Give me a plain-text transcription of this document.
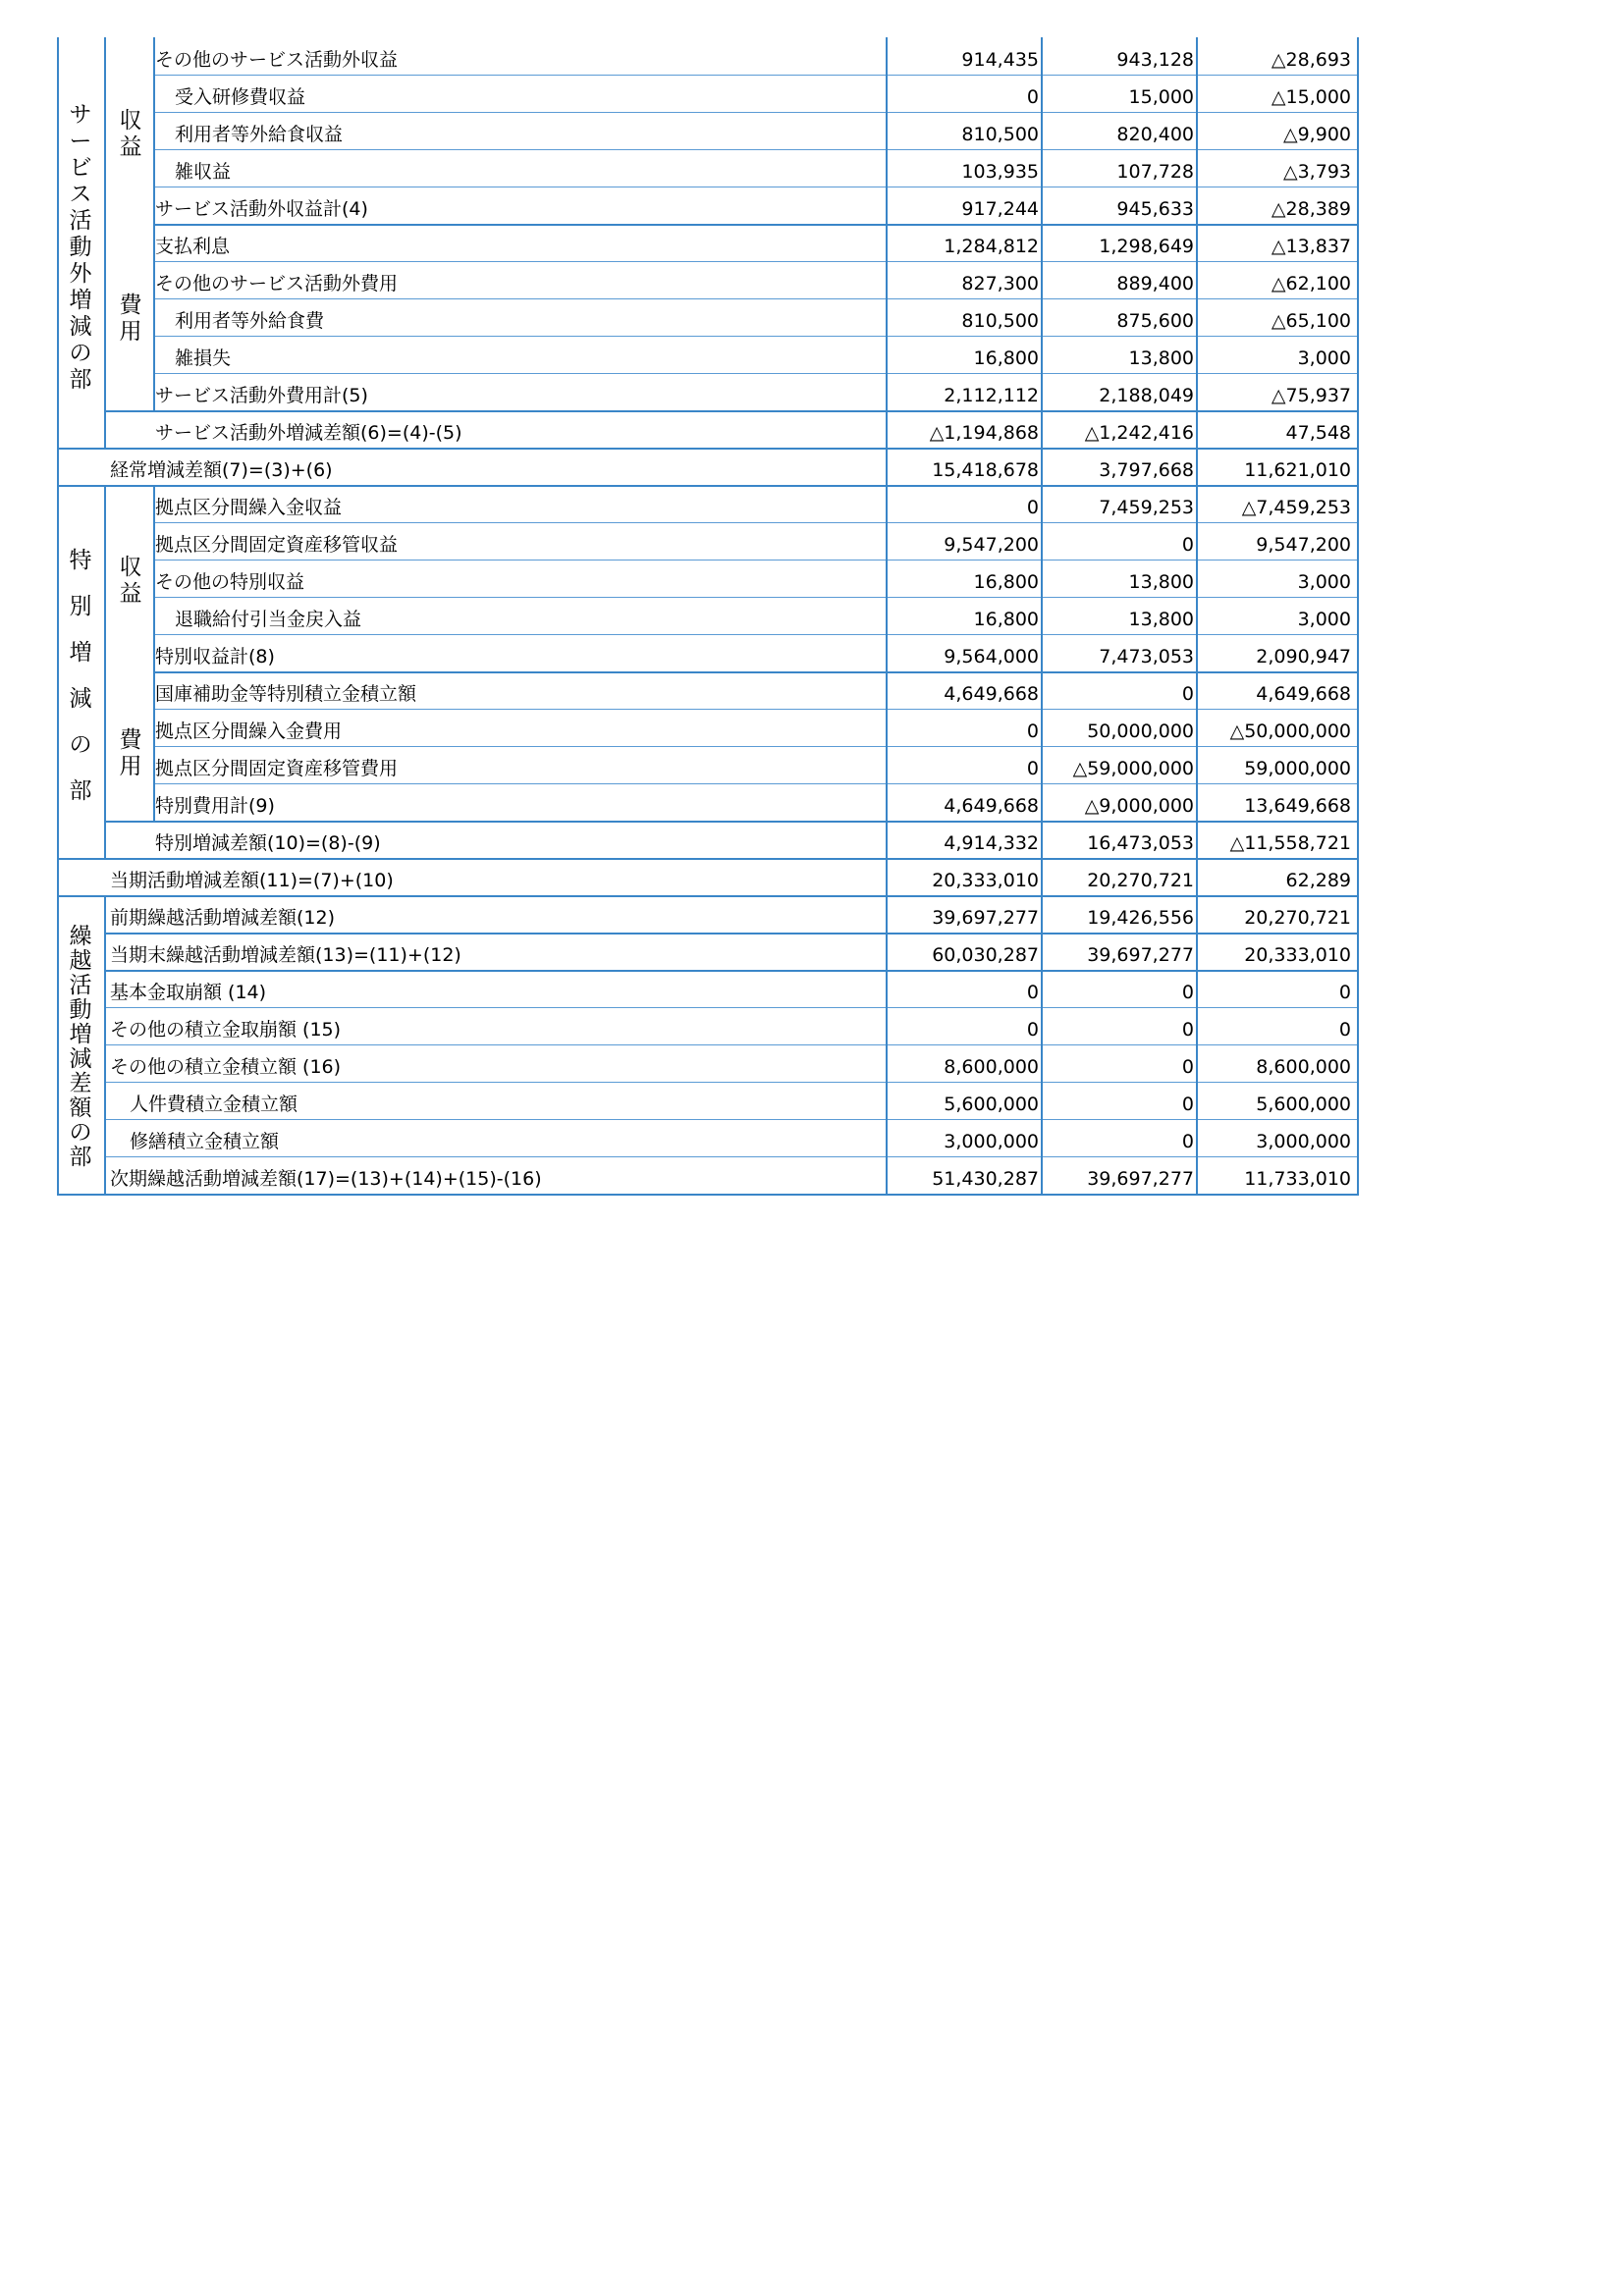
サービス活動外増減の部
収益
費用
特
別
増
減
の
部
収益
費用
繰越活動増減差額の部
その他のサービス活動外収益	914,435	943,128	△28,693
受入研修費収益	0	15,000	△15,000
利用者等外給食収益	810,500	820,400	△9,900
雑収益	103,935	107,728	△3,793
サービス活動外収益計(4)	917,244	945,633	△28,389
支払利息	1,284,812	1,298,649	△13,837
その他のサービス活動外費用	827,300	889,400	△62,100
利用者等外給食費	810,500	875,600	△65,100
雑損失	16,800	13,800	3,000
サービス活動外費用計(5)	2,112,112	2,188,049	△75,937
サービス活動外増減差額(6)=(4)-(5)	△1,194,868	△1,242,416	47,548
経常増減差額(7)=(3)+(6)	15,418,678	3,797,668	11,621,010
拠点区分間繰入金収益	0	7,459,253	△7,459,253
拠点区分間固定資産移管収益	9,547,200	0	9,547,200
その他の特別収益	16,800	13,800	3,000
退職給付引当金戻入益	16,800	13,800	3,000
特別収益計(8)	9,564,000	7,473,053	2,090,947
国庫補助金等特別積立金積立額	4,649,668	0	4,649,668
拠点区分間繰入金費用	0	50,000,000	△50,000,000
拠点区分間固定資産移管費用	0	△59,000,000	59,000,000
特別費用計(9)	4,649,668	△9,000,000	13,649,668
特別増減差額(10)=(8)-(9)	4,914,332	16,473,053	△11,558,721
当期活動増減差額(11)=(7)+(10)	20,333,010	20,270,721	62,289
前期繰越活動増減差額(12)	39,697,277	19,426,556	20,270,721
当期末繰越活動増減差額(13)=(11)+(12)	60,030,287	39,697,277	20,333,010
基本金取崩額 (14)	0	0	0
その他の積立金取崩額 (15)	0	0	0
その他の積立金積立額 (16)	8,600,000	0	8,600,000
人件費積立金積立額	5,600,000	0	5,600,000
修繕積立金積立額	3,000,000	0	3,000,000
次期繰越活動増減差額(17)=(13)+(14)+(15)-(16)	51,430,287	39,697,277	11,733,010
